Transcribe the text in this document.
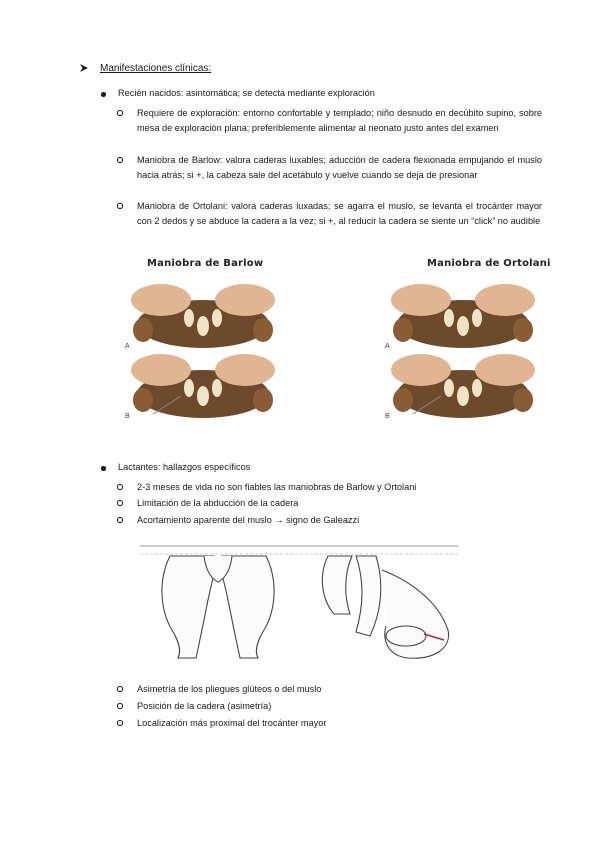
Manifestaciones clínicas:
Recién nacidos: asintomática; se detecta mediante exploración
Requiere de exploración: entorno confortable y templado; niño desnudo en decúbito supino, sobre mesa de exploración plana; preferiblemente alimentar al neonato justo antes del examen
Maniobra de Barlow: valora caderas luxables; aducción de cadera flexionada empujando el muslo hacia atrás; si +, la cabeza sale del acetábulo y vuelve cuando se deja de presionar
Maniobra de Ortolani: valora caderas luxadas; se agarra el muslo, se levanta el trocánter mayor con 2 dedos y se abduce la cadera a la vez; si +, al reducir la cadera se siente un “click” no audible
Maniobra de Barlow
A
B
Maniobra de Ortolani
A
B
Lactantes: hallazgos específicos
2-3 meses de vida no son fiables las maniobras de Barlow y Ortolani
Limitación de la abducción de la cadera
Acortamiento aparente del muslo → signo de Galeazzi
Asimetría de los pliegues glúteos o del muslo
Posición de la cadera (asimetría)
Localización más proximal del trocánter mayor
